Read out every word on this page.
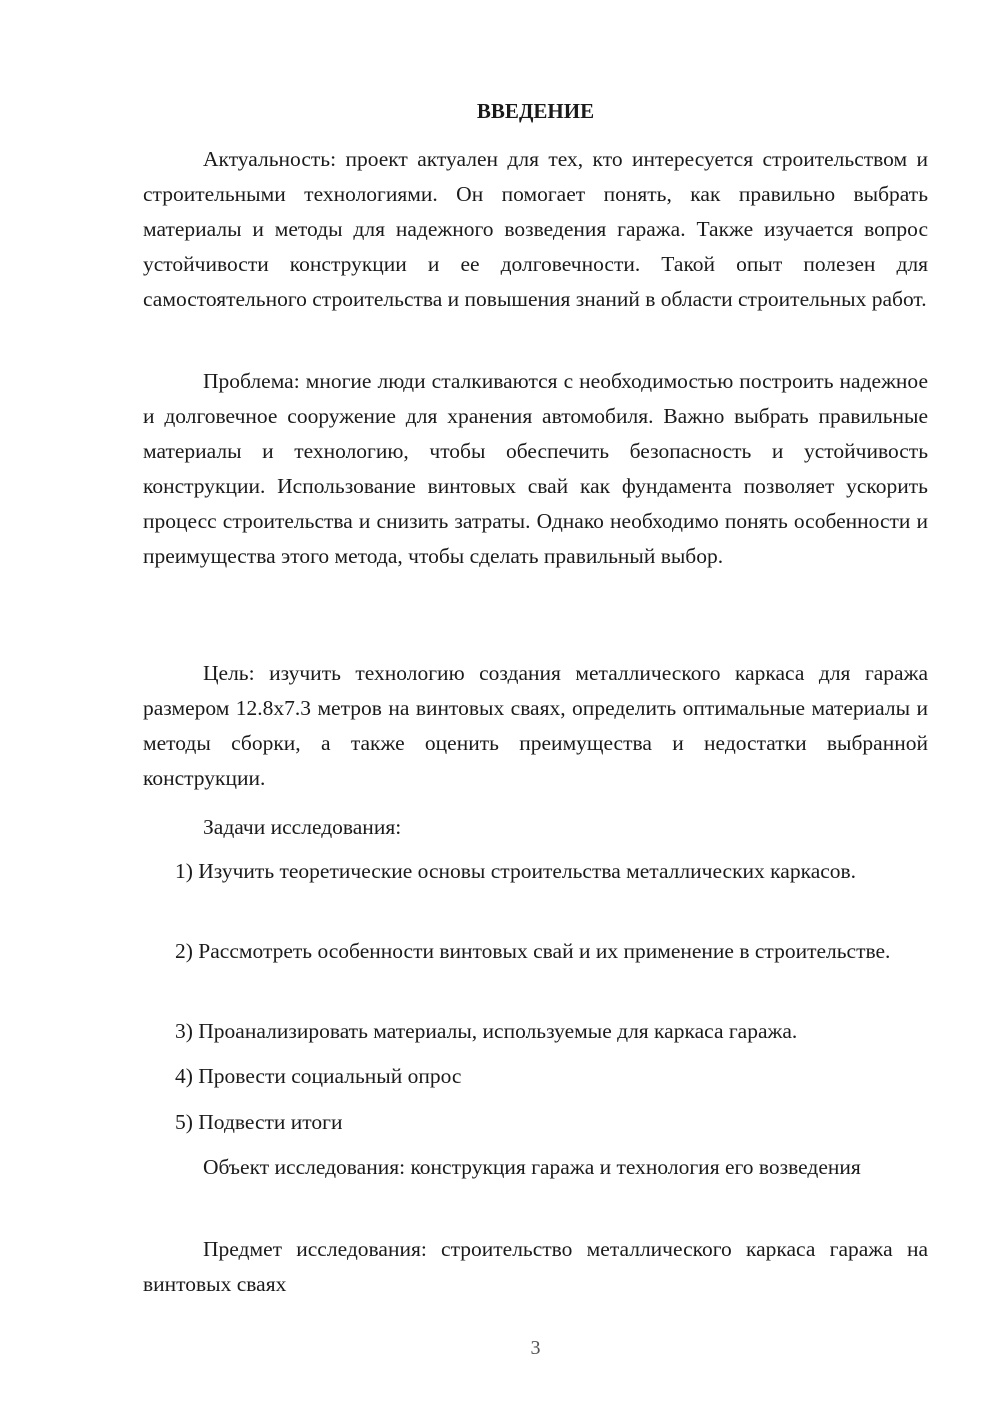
ВВЕДЕНИЕ

Актуальность: проект актуален для тех, кто интересуется строительством и строительными технологиями. Он помогает понять, как правильно выбрать материалы и методы для надежного возведения гаража. Также изучается вопрос устойчивости конструкции и ее долговечности. Такой опыт полезен для самостоятельного строительства и повышения знаний в области строительных работ.

Проблема: многие люди сталкиваются с необходимостью построить надежное и долговечное сооружение для хранения автомобиля. Важно выбрать правильные материалы и технологию, чтобы обеспечить безопасность и устойчивость конструкции. Использование винтовых свай как фундамента позволяет ускорить процесс строительства и снизить затраты. Однако необходимо понять особенности и преимущества этого метода, чтобы сделать правильный выбор.

Цель: изучить технологию создания металлического каркаса для гаража размером 12.8х7.3 метров на винтовых сваях, определить оптимальные материалы и методы сборки, а также оценить преимущества и недостатки выбранной конструкции.

Задачи исследования:

1) Изучить теоретические основы строительства металлических каркасов.

2) Рассмотреть особенности винтовых свай и их применение в строительстве.

3) Проанализировать материалы, используемые для каркаса гаража.

4) Провести социальный опрос

5) Подвести итоги

Объект исследования: конструкция гаража и технология его возведения

Предмет исследования: строительство металлического каркаса гаража на винтовых сваях

3
